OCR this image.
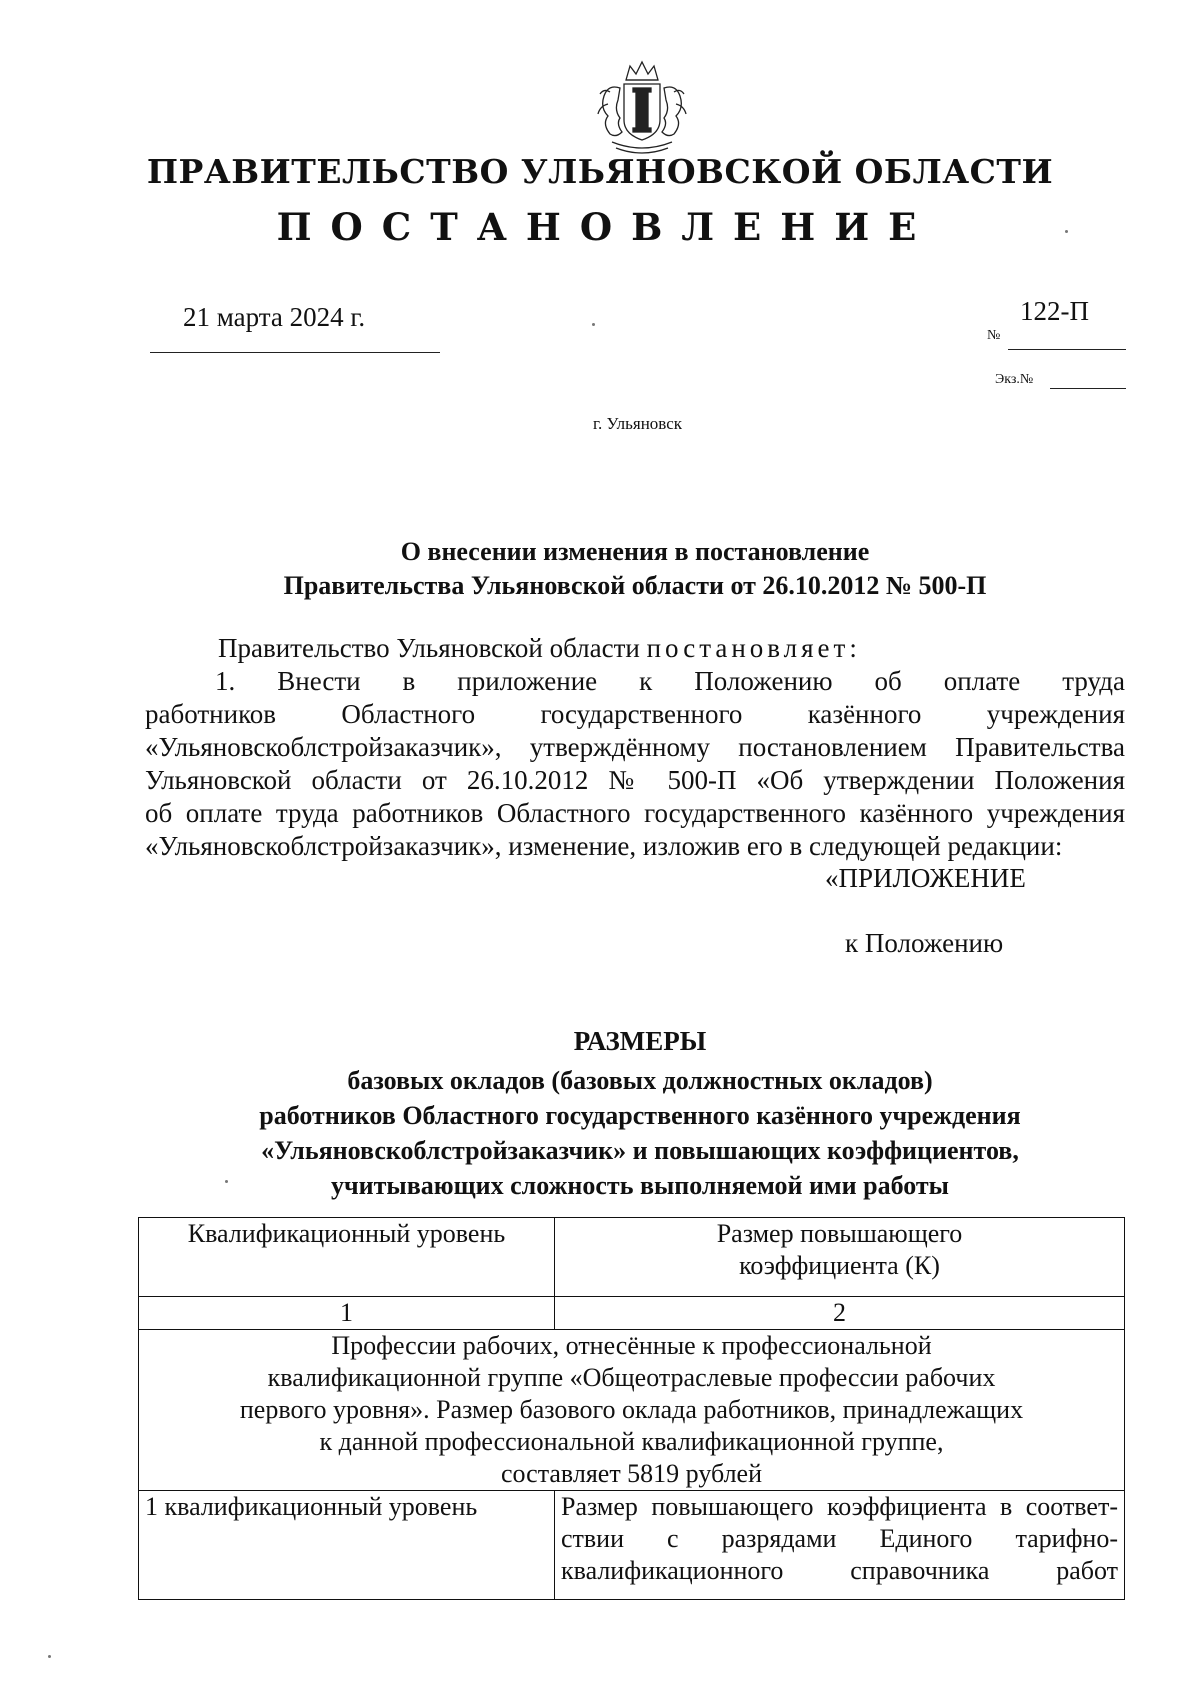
ПРАВИТЕЛЬСТВО УЛЬЯНОВСКОЙ ОБЛАСТИ
ПОСТАНОВЛЕНИЕ
21 марта 2024 г.	122-П
№
Экз.№
г. Ульяновск
О внесении изменения в постановление
Правительства Ульяновской области от 26.10.2012 № 500-П

Правительство Ульяновской области постановляет:

1. Внести в приложение к Положению об оплате труда

работников Областного государственного казённого учреждения

«Ульяновскоблстройзаказчик», утверждённому постановлением Правительства

Ульяновской области от 26.10.2012 № 500-П «Об утверждении Положения

об оплате труда работников Областного государственного казённого учреждения

«Ульяновскоблстройзаказчик», изменение, изложив его в следующей редакции:

«ПРИЛОЖЕНИЕ
к Положению
РАЗМЕРЫ
базовых окладов (базовых должностных окладов)
работников Областного государственного казённого учреждения
«Ульяновскоблстройзаказчик» и повышающих коэффициентов,
учитывающих сложность выполняемой ими работы
Квалификационный уровень	Размер повышающего коэффициента (К)
1	2

Профессии рабочих, отнесённые к профессиональной
квалификационной группе «Общеотраслевые профессии рабочих
первого уровня». Размер базового оклада работников, принадлежащих
к данной профессиональной квалификационной группе,
составляет 5819 рублей	

1 квалификационный уровень	Размер повышающего коэффициента в соответ-
ствии с разрядами Единого тарифно-
квалификационного справочника работ
